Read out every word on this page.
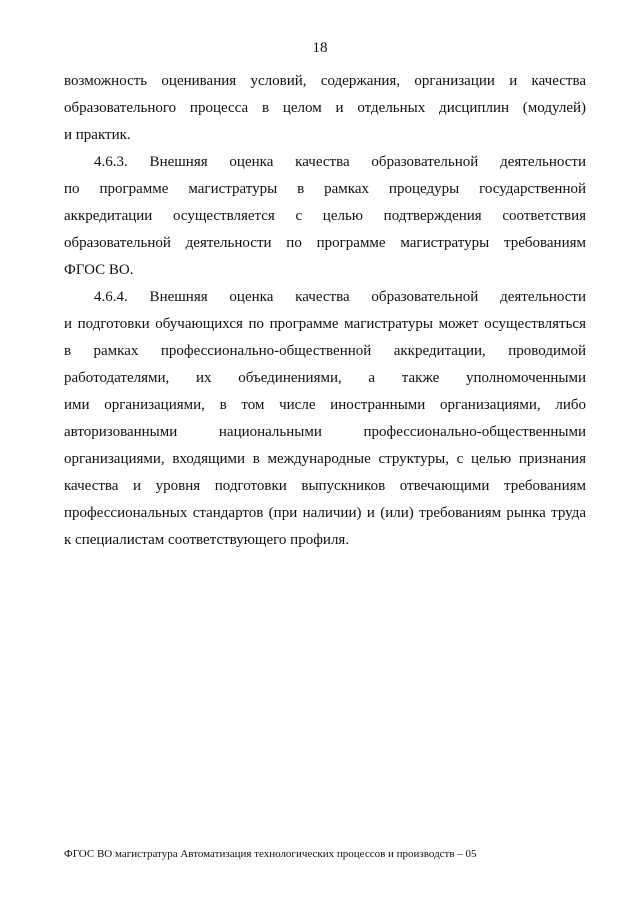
18
возможность оценивания условий, содержания, организации и качества
образовательного процесса в целом и отдельных дисциплин (модулей)
и практик.
4.6.3. Внешняя оценка качества образовательной деятельности
по программе магистратуры в рамках процедуры государственной
аккредитации осуществляется с целью подтверждения соответствия
образовательной деятельности по программе магистратуры требованиям
ФГОС ВО.
4.6.4. Внешняя оценка качества образовательной деятельности
и подготовки обучающихся по программе магистратуры может осуществляться
в рамках профессионально-общественной аккредитации, проводимой
работодателями, их объединениями, а также уполномоченными
ими организациями, в том числе иностранными организациями, либо
авторизованными национальными профессионально-общественными
организациями, входящими в международные структуры, с целью признания
качества и уровня подготовки выпускников отвечающими требованиям
профессиональных стандартов (при наличии) и (или) требованиям рынка труда
к специалистам соответствующего профиля.
ФГОС ВО магистратура Автоматизация технологических процессов и производств – 05
